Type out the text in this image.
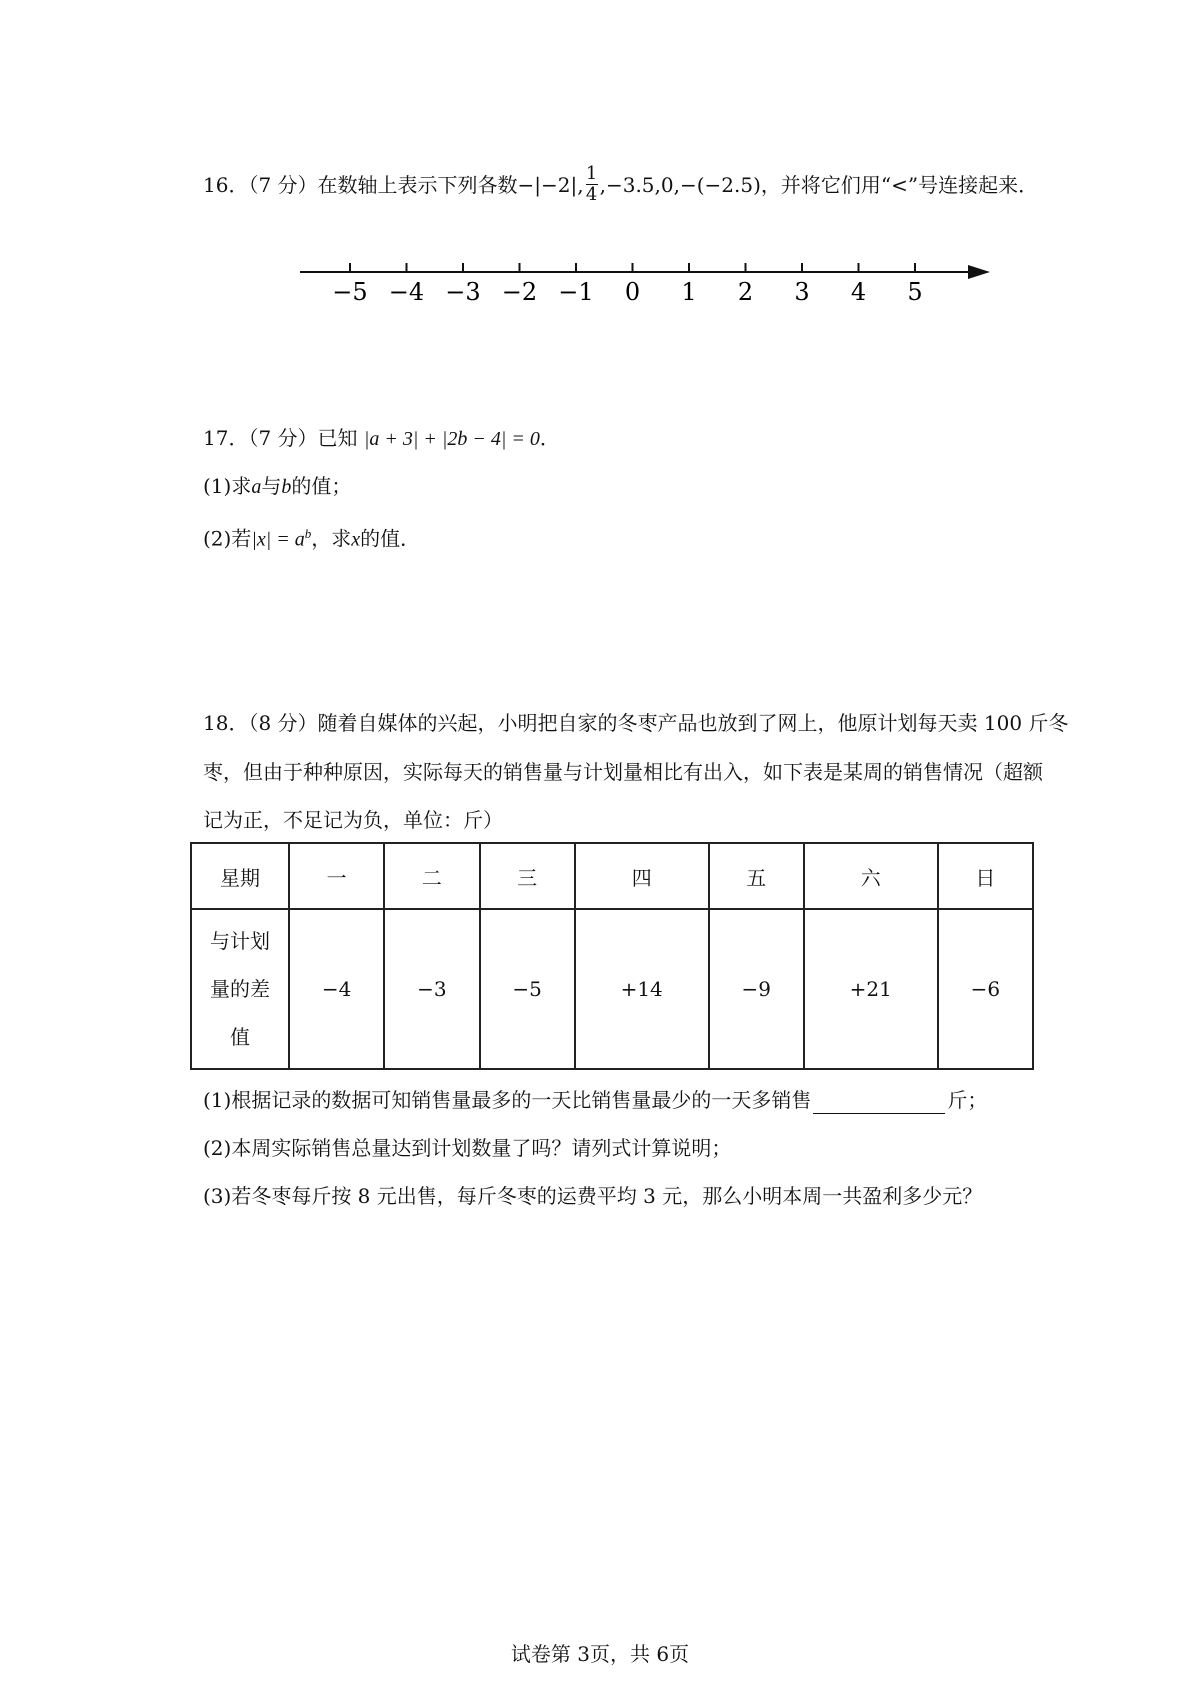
16．（7 分）在数轴上表示下列各数 −|−2|, $\frac{1}{4} ,-3.5,0,-(-2.5)$ ，并将它们用“<”号连接起来．
−5 −4 −3 −2 −1 0 1 2 3 4 5
17．（7 分）已知 |a + 3| + |2b − 4| = 0．
(1)求a与b的值；
(2)若$|x| = a^b$，求x的值．
18．（8 分）随着自媒体的兴起，小明把自家的冬枣产品也放到了网上，他原计划每天卖 100 斤冬
枣，但由于种种原因，实际每天的销售量与计划量相比有出入，如下表是某周的销售情况（超额
记为正，不足记为负，单位：斤）
星期	一	二	三	四	五	六	日

与计划
量的差
值	−4	−3	−5	+14	−9	+21	−6
(1)根据记录的数据可知销售量最多的一天比销售量最少的一天多销售	斤；
(2)本周实际销售总量达到计划数量了吗？请列式计算说明；
(3)若冬枣每斤按 8 元出售，每斤冬枣的运费平均 3 元，那么小明本周一共盈利多少元？
试卷第 3页，共 6页
